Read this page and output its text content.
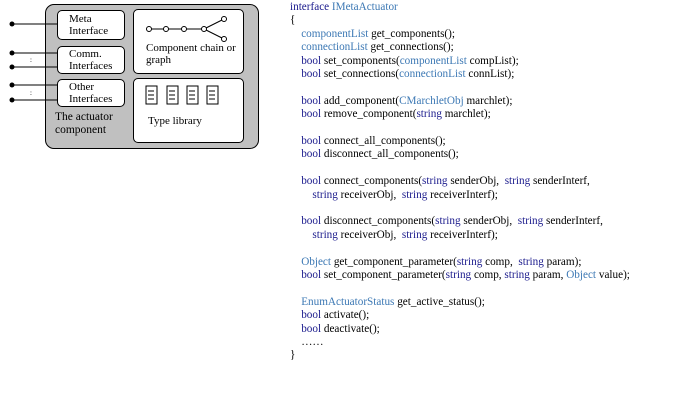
:
:
Meta Interface
Comm. Interfaces
Other Interfaces
The actuator component
Component chain or graph
Type library
interface IMetaActuator
{
componentList get_components();
connectionList get_connections();
bool set_components(componentList compList);
bool set_connections(connectionList connList);
bool add_component(CMarchletObj marchlet);
bool remove_component(string marchlet);
bool connect_all_components();
bool disconnect_all_components();
bool connect_components(string senderObj,  string senderInterf,
string receiverObj,  string receiverInterf);
bool disconnect_components(string senderObj,  string senderInterf,
string receiverObj,  string receiverInterf);
Object get_component_parameter(string comp,  string param);
bool set_component_parameter(string comp, string param, Object value);
EnumActuatorStatus get_active_status();
bool activate();
bool deactivate();
……
}
